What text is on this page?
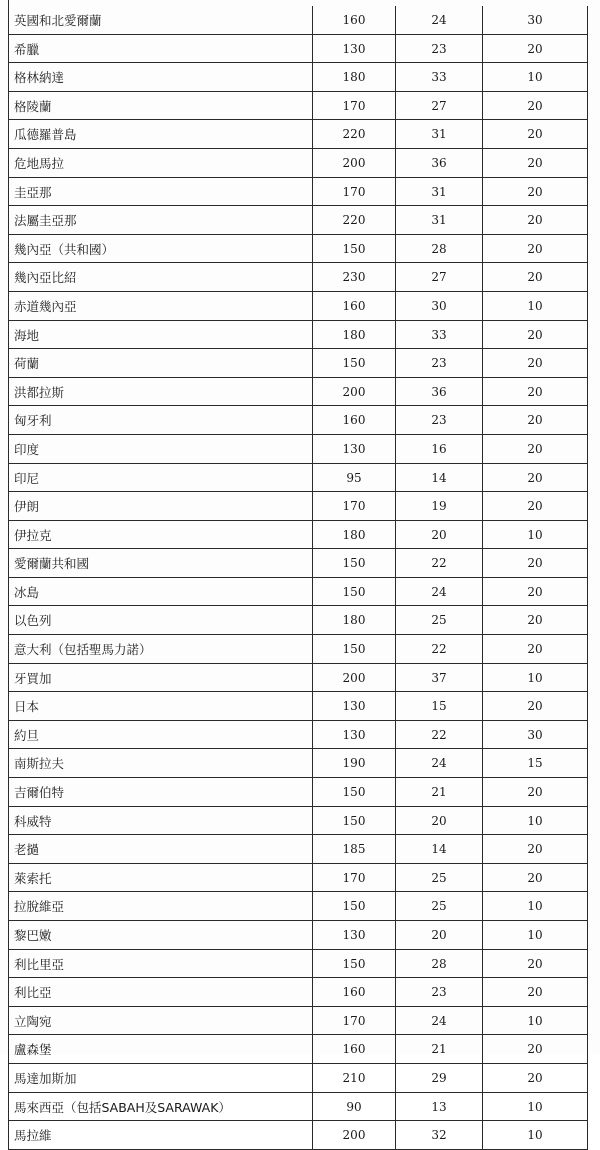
英國和北愛爾蘭	160	24	30
希臘	130	23	20
格林納達	180	33	10
格陵蘭	170	27	20
瓜德羅普島	220	31	20
危地馬拉	200	36	20
圭亞那	170	31	20
法屬圭亞那	220	31	20
幾內亞（共和國）	150	28	20
幾內亞比紹	230	27	20
赤道幾內亞	160	30	10
海地	180	33	20
荷蘭	150	23	20
洪都拉斯	200	36	20
匈牙利	160	23	20
印度	130	16	20
印尼	95	14	20
伊朗	170	19	20
伊拉克	180	20	10
愛爾蘭共和國	150	22	20
冰島	150	24	20
以色列	180	25	20
意大利（包括聖馬力諾）	150	22	20
牙買加	200	37	10
日本	130	15	20
約旦	130	22	30
南斯拉夫	190	24	15
吉爾伯特	150	21	20
科威特	150	20	10
老撾	185	14	20
萊索托	170	25	20
拉脫維亞	150	25	10
黎巴嫩	130	20	10
利比里亞	150	28	20
利比亞	160	23	20
立陶宛	170	24	10
盧森堡	160	21	20
馬達加斯加	210	29	20
馬來西亞（包括SABAH及SARAWAK）	90	13	10
馬拉維	200	32	10
